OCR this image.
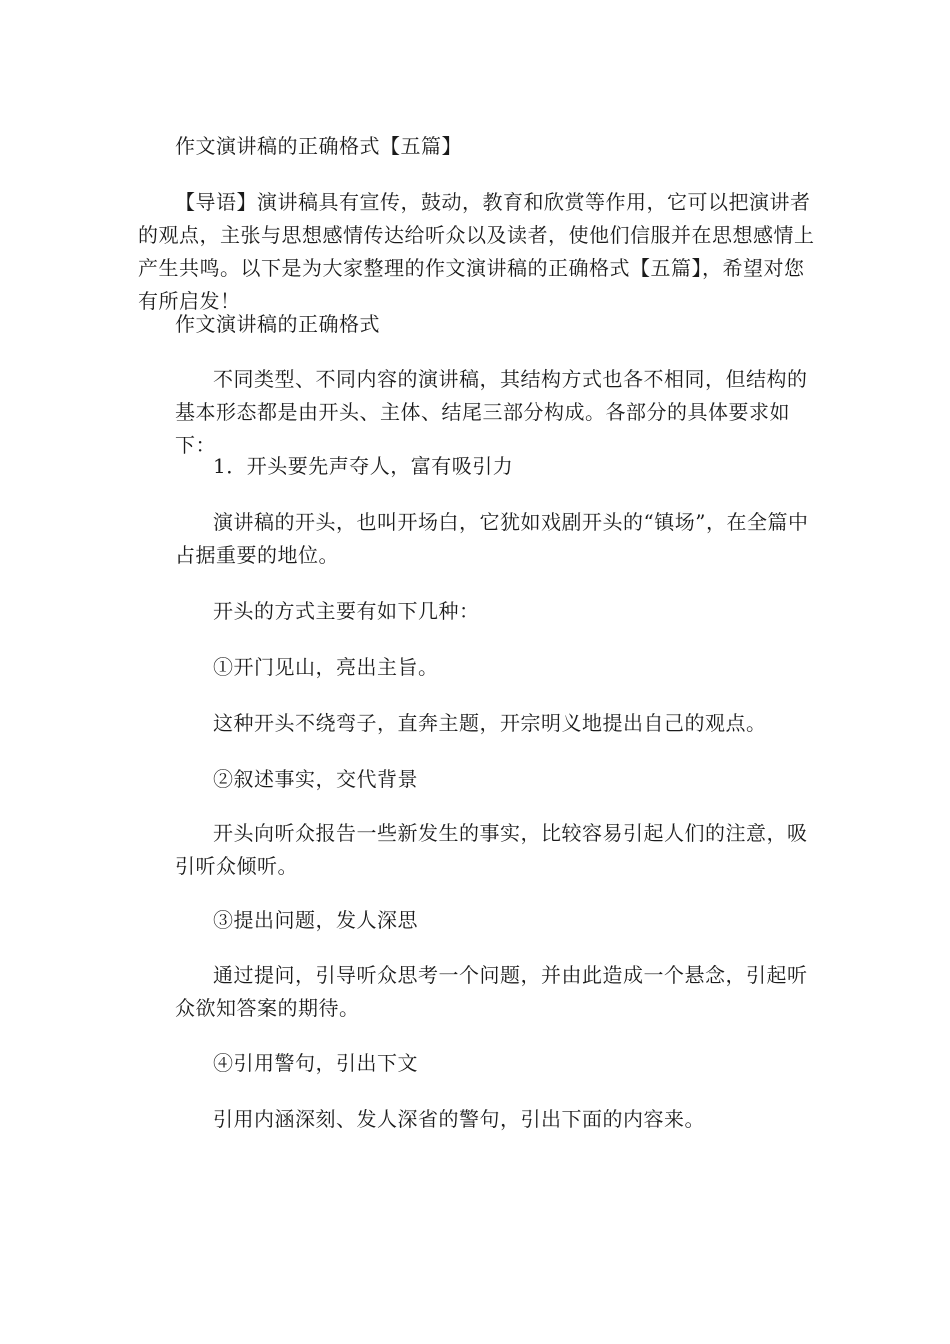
作文演讲稿的正确格式【五篇】
【导语】演讲稿具有宣传，鼓动，教育和欣赏等作用，它可以把演讲者的观点，主张与思想感情传达给听众以及读者，使他们信服并在思想感情上产生共鸣。以下是为大家整理的作文演讲稿的正确格式【五篇】，希望对您有所启发！
作文演讲稿的正确格式
不同类型、不同内容的演讲稿，其结构方式也各不相同，但结构的基本形态都是由开头、主体、结尾三部分构成。各部分的具体要求如下：
1．开头要先声夺人，富有吸引力
演讲稿的开头，也叫开场白，它犹如戏剧开头的“镇场”，在全篇中占据重要的地位。
开头的方式主要有如下几种：
①开门见山，亮出主旨。
这种开头不绕弯子，直奔主题，开宗明义地提出自己的观点。
②叙述事实，交代背景
开头向听众报告一些新发生的事实，比较容易引起人们的注意，吸引听众倾听。
③提出问题，发人深思
通过提问，引导听众思考一个问题，并由此造成一个悬念，引起听众欲知答案的期待。
④引用警句，引出下文
引用内涵深刻、发人深省的警句，引出下面的内容来。
